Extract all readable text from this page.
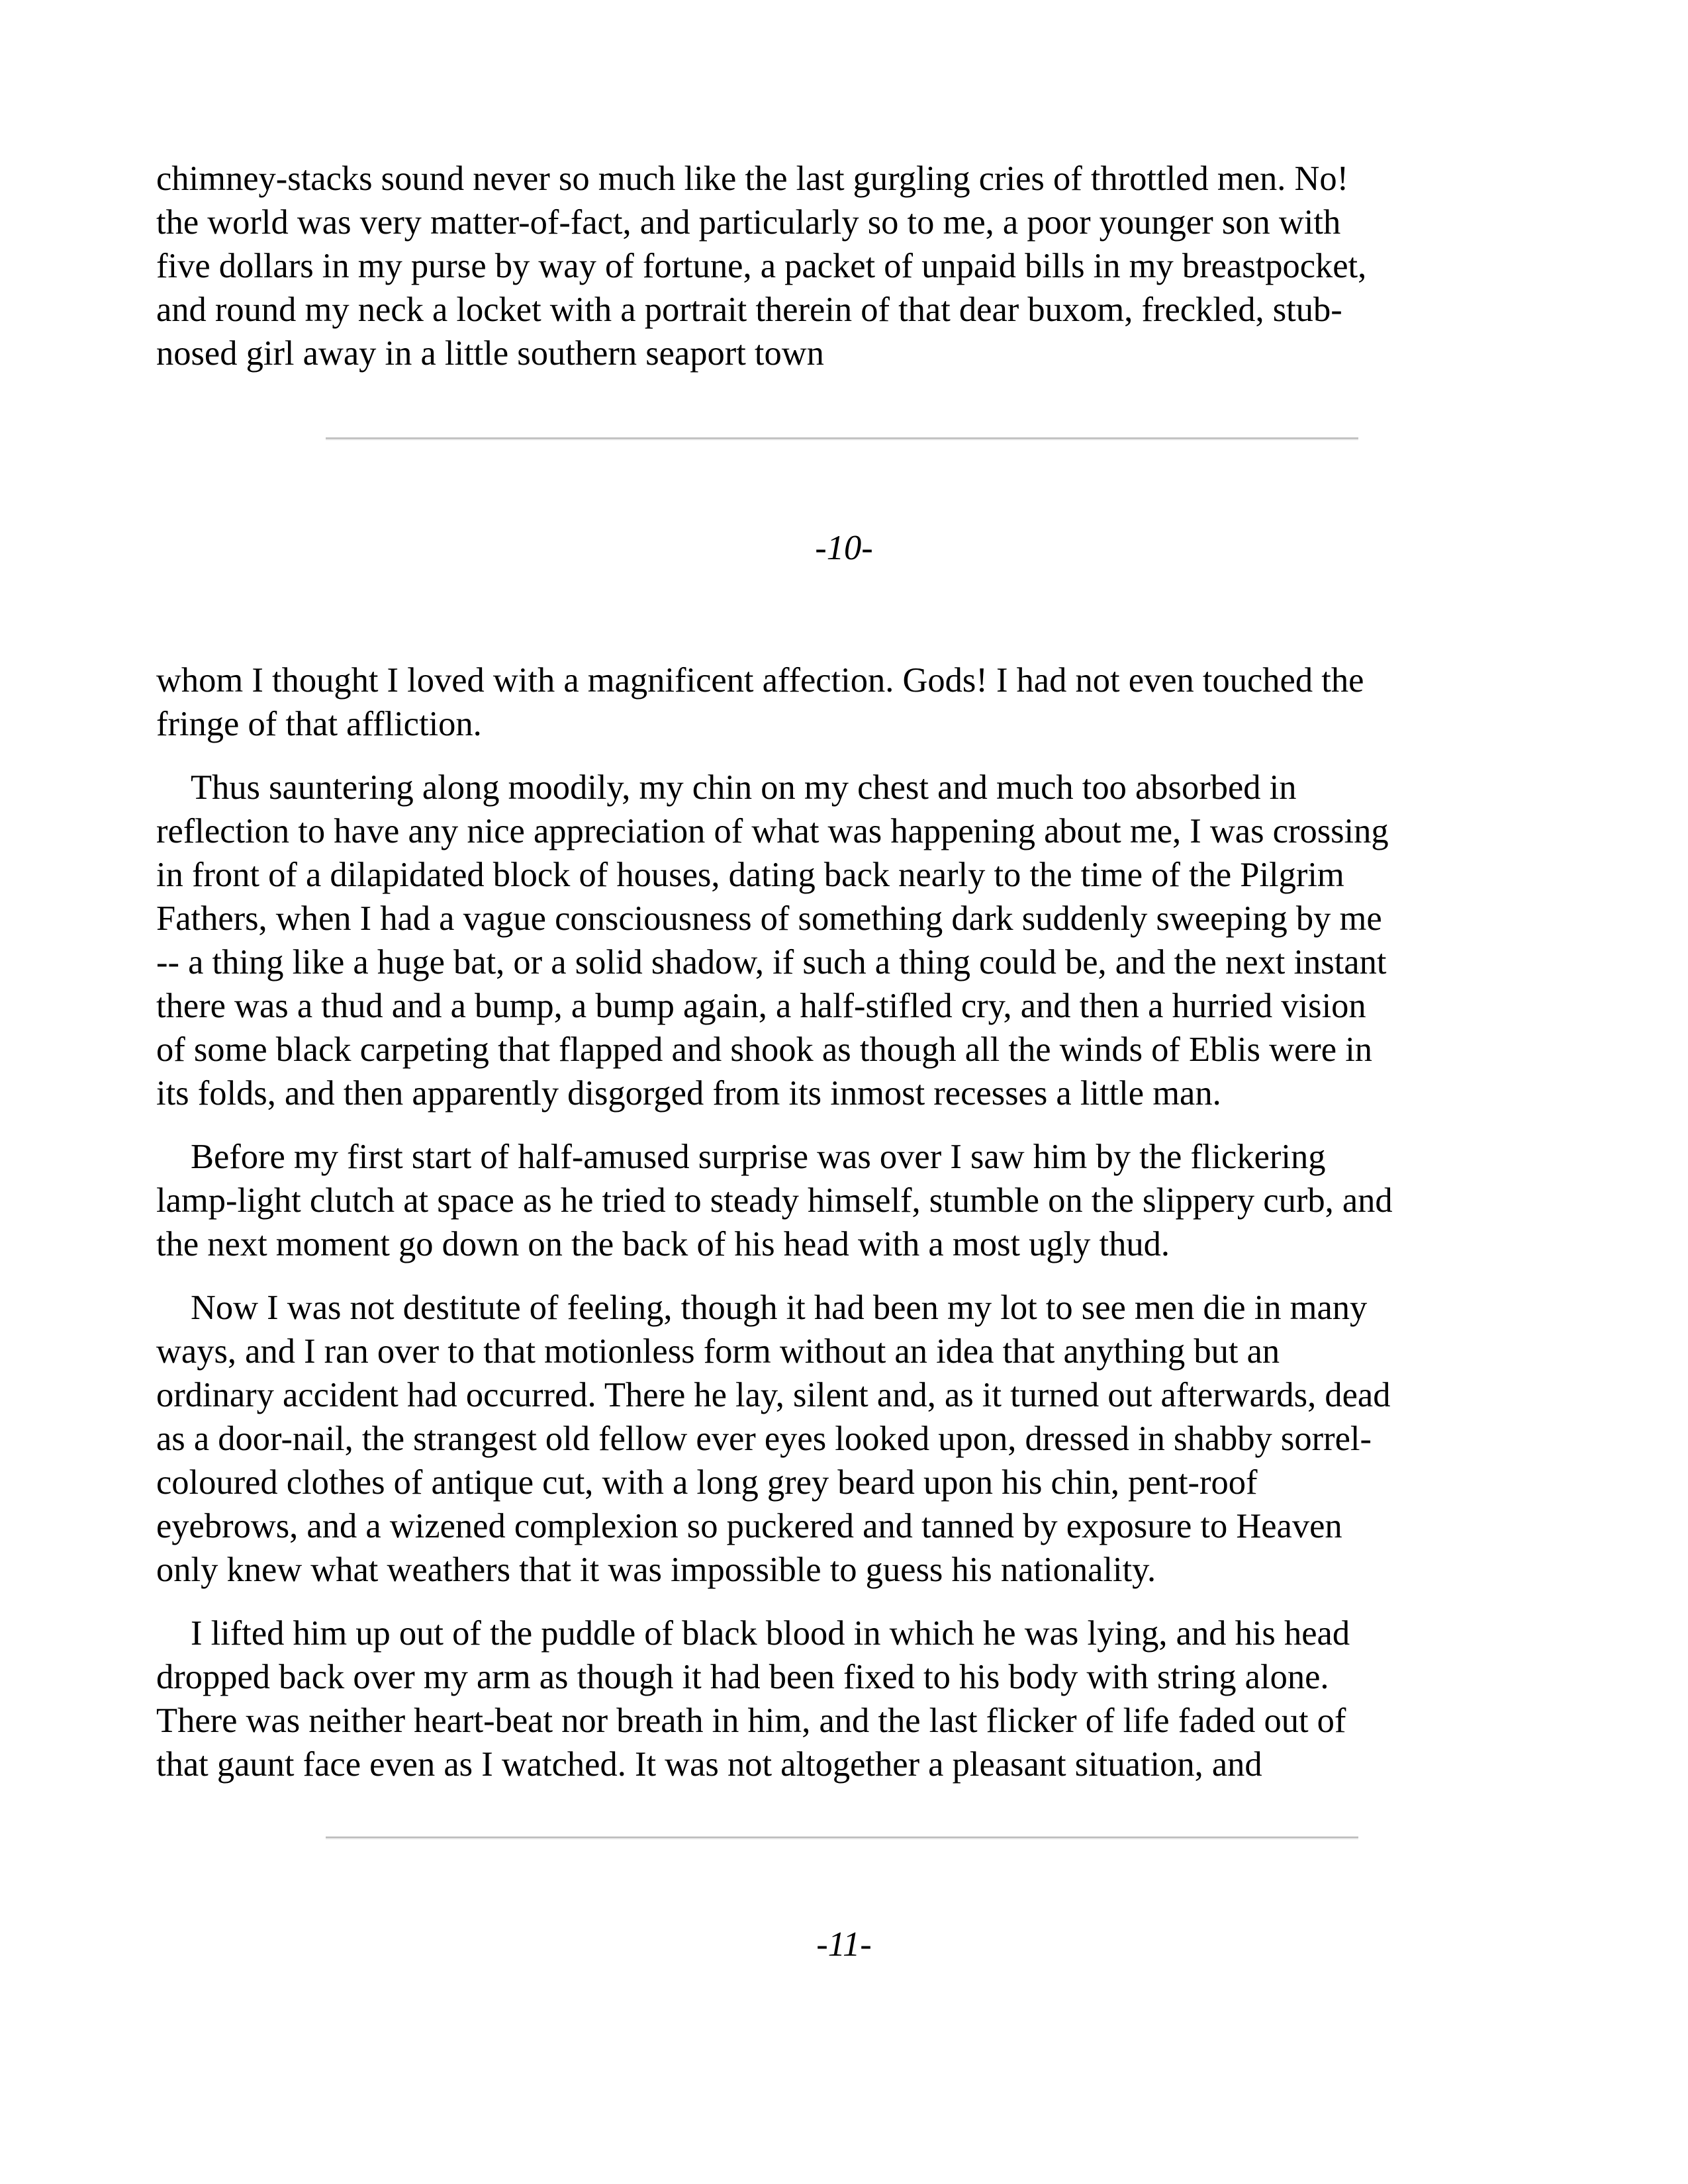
chimney-stacks sound never so much like the last gurgling cries of throttled men. No!
the world was very matter-of-fact, and particularly so to me, a poor younger son with
five dollars in my purse by way of fortune, a packet of unpaid bills in my breastpocket,
and round my neck a locket with a portrait therein of that dear buxom, freckled, stub-
nosed girl away in a little southern seaport town

-10-

whom I thought I loved with a magnificent affection. Gods! I had not even touched the
fringe of that affliction.

Thus sauntering along moodily, my chin on my chest and much too absorbed in
reflection to have any nice appreciation of what was happening about me, I was crossing
in front of a dilapidated block of houses, dating back nearly to the time of the Pilgrim
Fathers, when I had a vague consciousness of something dark suddenly sweeping by me
-- a thing like a huge bat, or a solid shadow, if such a thing could be, and the next instant
there was a thud and a bump, a bump again, a half-stifled cry, and then a hurried vision
of some black carpeting that flapped and shook as though all the winds of Eblis were in
its folds, and then apparently disgorged from its inmost recesses a little man.

Before my first start of half-amused surprise was over I saw him by the flickering
lamp-light clutch at space as he tried to steady himself, stumble on the slippery curb, and
the next moment go down on the back of his head with a most ugly thud.

Now I was not destitute of feeling, though it had been my lot to see men die in many
ways, and I ran over to that motionless form without an idea that anything but an
ordinary accident had occurred. There he lay, silent and, as it turned out afterwards, dead
as a door-nail, the strangest old fellow ever eyes looked upon, dressed in shabby sorrel-
coloured clothes of antique cut, with a long grey beard upon his chin, pent-roof
eyebrows, and a wizened complexion so puckered and tanned by exposure to Heaven
only knew what weathers that it was impossible to guess his nationality.

I lifted him up out of the puddle of black blood in which he was lying, and his head
dropped back over my arm as though it had been fixed to his body with string alone.
There was neither heart-beat nor breath in him, and the last flicker of life faded out of
that gaunt face even as I watched. It was not altogether a pleasant situation, and

-11-
